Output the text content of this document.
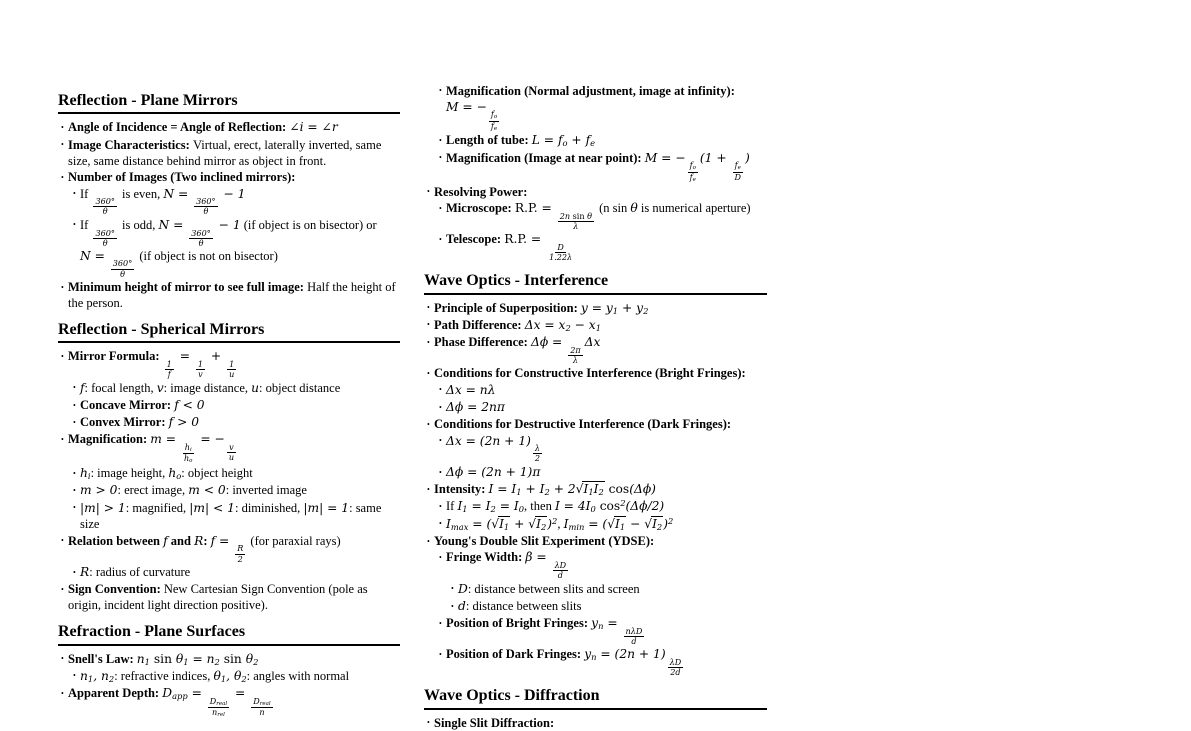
Reflection - Plane Mirrors
• Angle of Incidence = Angle of Reflection: ∠i = ∠r
• Image Characteristics: Virtual, erect, laterally inverted, same size, same distance behind mirror as object in front.
• Number of Images (Two inclined mirrors):
• If
$\frac{360^\circ}{\theta}$
is even, N =
$\frac{360^\circ}{\theta}$
− 1
• If
$\frac{360^\circ}{\theta}$
is odd, N =
$\frac{360^\circ}{\theta}$
− 1 (if object is on bisector) or N =
$\frac{360^\circ}{\theta}$
(if object is not on bisector)
• Minimum height of mirror to see full image: Half the height of the person.
Reflection - Spherical Mirrors
• Mirror Formula:
$\frac{1}{f}$
=
$\frac{1}{v}$
+
$\frac{1}{u}$
• f: focal length, v: image distance, u: object distance
• Concave Mirror: f < 0
• Convex Mirror: f > 0
• Magnification: m =
$\frac{hi}{ho}$
= −
$\frac{v}{u}$
• hi: image height, ho: object height
• m > 0: erect image, m < 0: inverted image
• |m| > 1: magnified, |m| < 1: diminished, |m| = 1: same size
• Relation between f and R: f =
$\frac{R}{2}$
(for paraxial rays)
• R: radius of curvature
• Sign Convention: New Cartesian Sign Convention (pole as origin, incident light direction positive).
Refraction - Plane Surfaces
• Snell's Law: n1 sin θ1 = n2 sin θ2
• n1, n2: refractive indices, θ1, θ2: angles with normal
• Apparent Depth: Dapp =
$\frac{\text{Dreal}}{\text{nrel}}$
=
$\frac{\text{Dreal}}{n}$
• Magnification (Normal adjustment, image at infinity): M = −
$\frac{fo}{fe}$
• Length of tube: L = fo + fe
• Magnification (Image at near point): M = −
$\frac{fo}{fe}$
(1 +
$\frac{fe}{D}$
)
• Resolving Power:
• Microscope: R.P. =
$\frac{\text{2n sin θ}}{\lambda}$
(n sin θ is numerical aperture)
• Telescope: R.P. =
$\frac{D}{1.22\lambda}$
Wave Optics - Interference
• Principle of Superposition: y = y1 + y2
• Path Difference: Δx = x2 − x1
• Phase Difference: Δϕ =
$\frac{2\pi}{\lambda}$
Δx
• Conditions for Constructive Interference (Bright Fringes):
• Δx = nλ
• Δϕ = 2nπ
• Conditions for Destructive Interference (Dark Fringes):
• Δx = (2n + 1)
$\frac{\lambda}{2}$
• Δϕ = (2n + 1)π
• Intensity: I = I1 + I2 + 2√I1I2 cos(Δϕ)
• If I1 = I2 = I0, then I = 4I0 $\cos^2(\Delta\phi/2)$
• $Imax = (√I1 + √I2)^2$, $Imin = (√I1 - √I2)^2$
• Young's Double Slit Experiment (YDSE):
• Fringe Width: β =
$\frac{\lambda D}{d}$
• D: distance between slits and screen
• d: distance between slits
• Position of Bright Fringes: yn =
$\frac{\text{nλD}}{d}$
• Position of Dark Fringes: yn = (2n + 1)
$\frac{\lambda D}{2d}$
Wave Optics - Diffraction
• Single Slit Diffraction:
